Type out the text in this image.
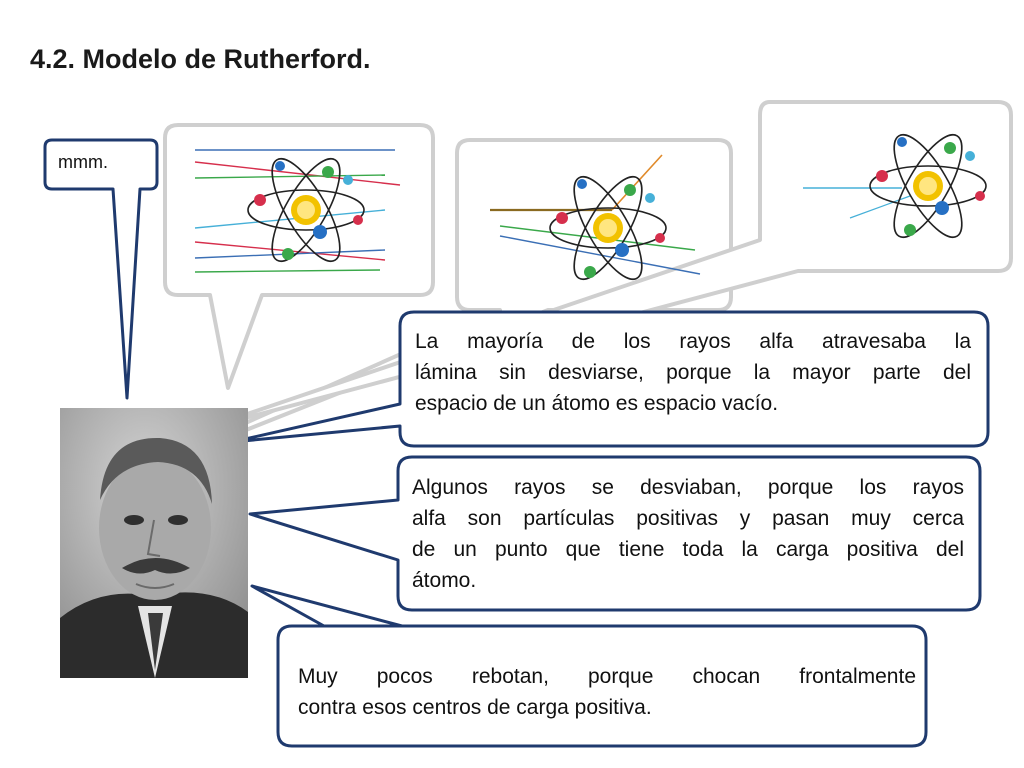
4.2. Modelo de Rutherford.
mmm.
La mayoría de los rayos alfa atravesaba la
lámina sin desviarse, porque la mayor parte del
espacio de un átomo es espacio vacío.
Algunos rayos se desviaban, porque los rayos
alfa son partículas positivas y pasan muy cerca
de un punto que tiene toda la carga positiva del
átomo.
Muy pocos rebotan, porque chocan frontalmente
contra esos centros de carga positiva.
